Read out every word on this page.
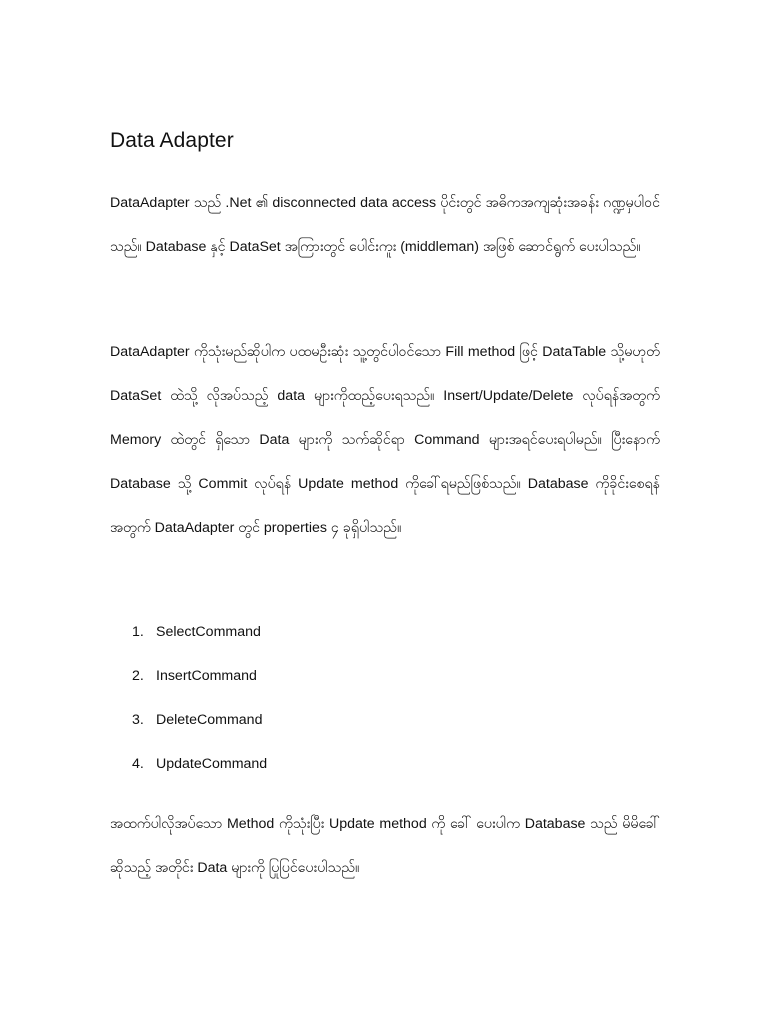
Data Adapter

DataAdapter သည် .Net ၏ disconnected data access ပိုင်းတွင် အဓိကအကျဆုံးအခန်း ဂဏ္ဍမှပါဝင်သည်။ Database နှင့် DataSet အကြားတွင် ပေါင်းကူး (middleman) အဖြစ် ဆောင်ရွက် ပေးပါသည်။

DataAdapter ကိုသုံးမည်ဆိုပါက ပထမဦးဆုံး သူ့တွင်ပါဝင်သော Fill method ဖြင့် DataTable သို့မဟုတ် DataSet ထဲသို့ လိုအပ်သည့် data များကိုထည့်ပေးရသည်။ Insert/Update/Delete လုပ်ရန်အတွက် Memory ထဲတွင် ရှိသော Data များကို သက်ဆိုင်ရာ Command များအရင်ပေးရပါမည်။ ပြီးနောက် Database သို့ Commit လုပ်ရန် Update method ကိုခေါ်ရမည်ဖြစ်သည်။ Database ကိုခိုင်းစေရန်အတွက် DataAdapter တွင် properties ၄ ခုရှိပါသည်။

1. SelectCommand
2. InsertCommand
3. DeleteCommand
4. UpdateCommand

အထက်ပါလိုအပ်သော Method ကိုသုံးပြီး Update method ကို ခေါ် ပေးပါက Database သည် မိမိခေါ်ဆိုသည့် အတိုင်း Data များကို ပြုပြင်ပေးပါသည်။
